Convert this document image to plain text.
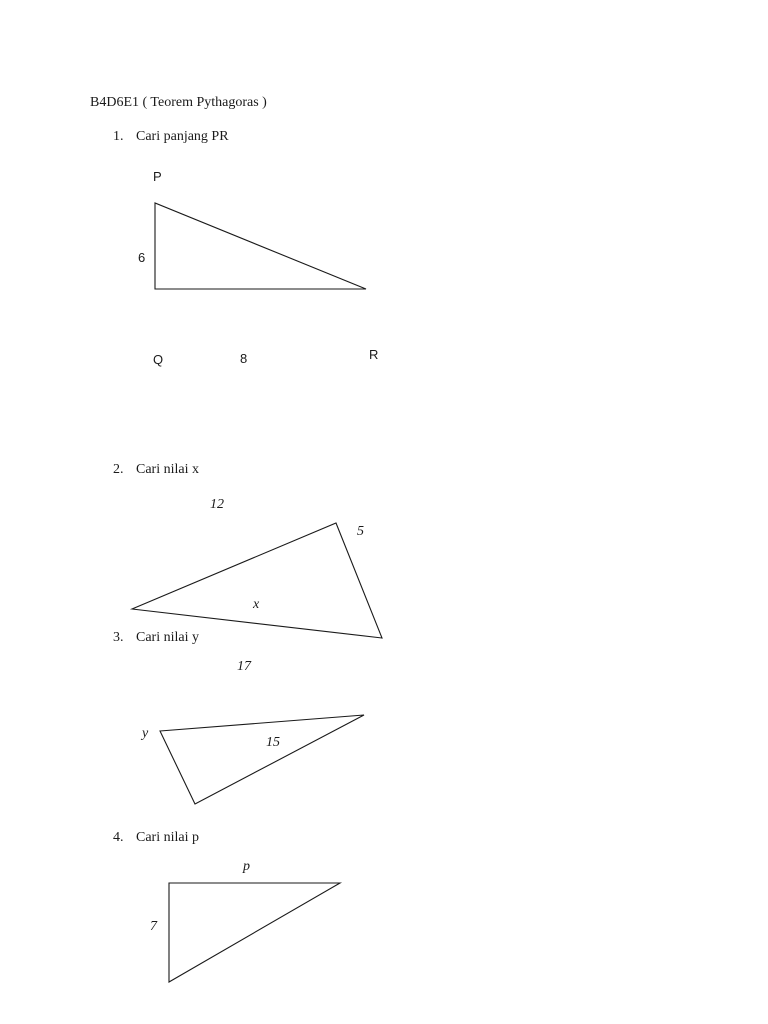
B4D6E1 ( Teorem Pythagoras )
1. Cari panjang PR
P
6
Q	8	R
2. Cari nilai x
12
5
x
3. Cari nilai y
17
y
15
4. Cari nilai p
p
7
